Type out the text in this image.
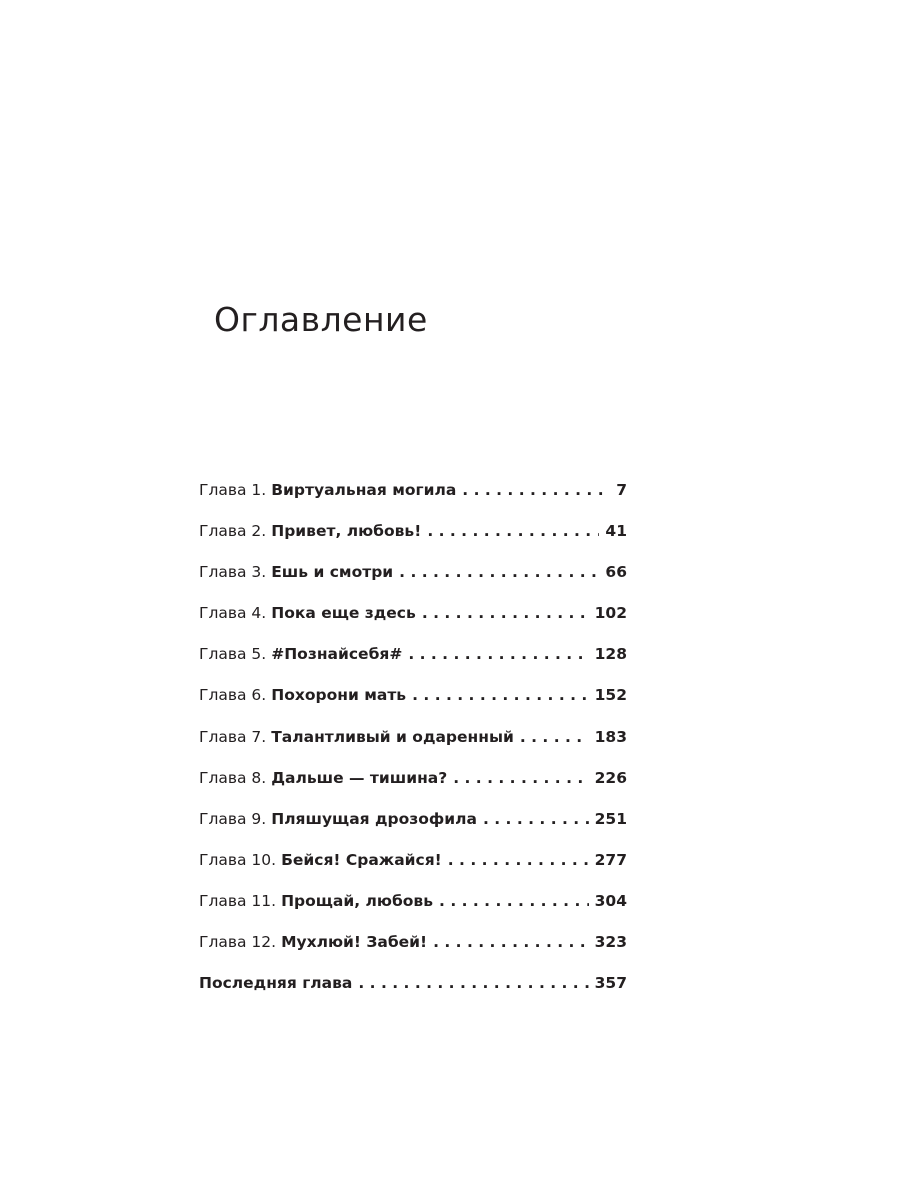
Оглавление
Глава 1. Виртуальная могила . . .	7
Глава 2. Привет, любовь! . . .	41
Глава 3. Ешь и смотри . . .	66
Глава 4. Пока еще здесь . . .	102
Глава 5. #Познайсебя# . . .	128
Глава 6. Похорони мать . . .	152
Глава 7. Талантливый и одаренный . . .	183
Глава 8. Дальше — тишина? . . .	226
Глава 9. Пляшущая дрозофила . . .	251
Глава 10. Бейся! Сражайся! . . .	277
Глава 11. Прощай, любовь . . .	304
Глава 12. Мухлюй! Забей! . . .	323
Последняя глава . . .	357
